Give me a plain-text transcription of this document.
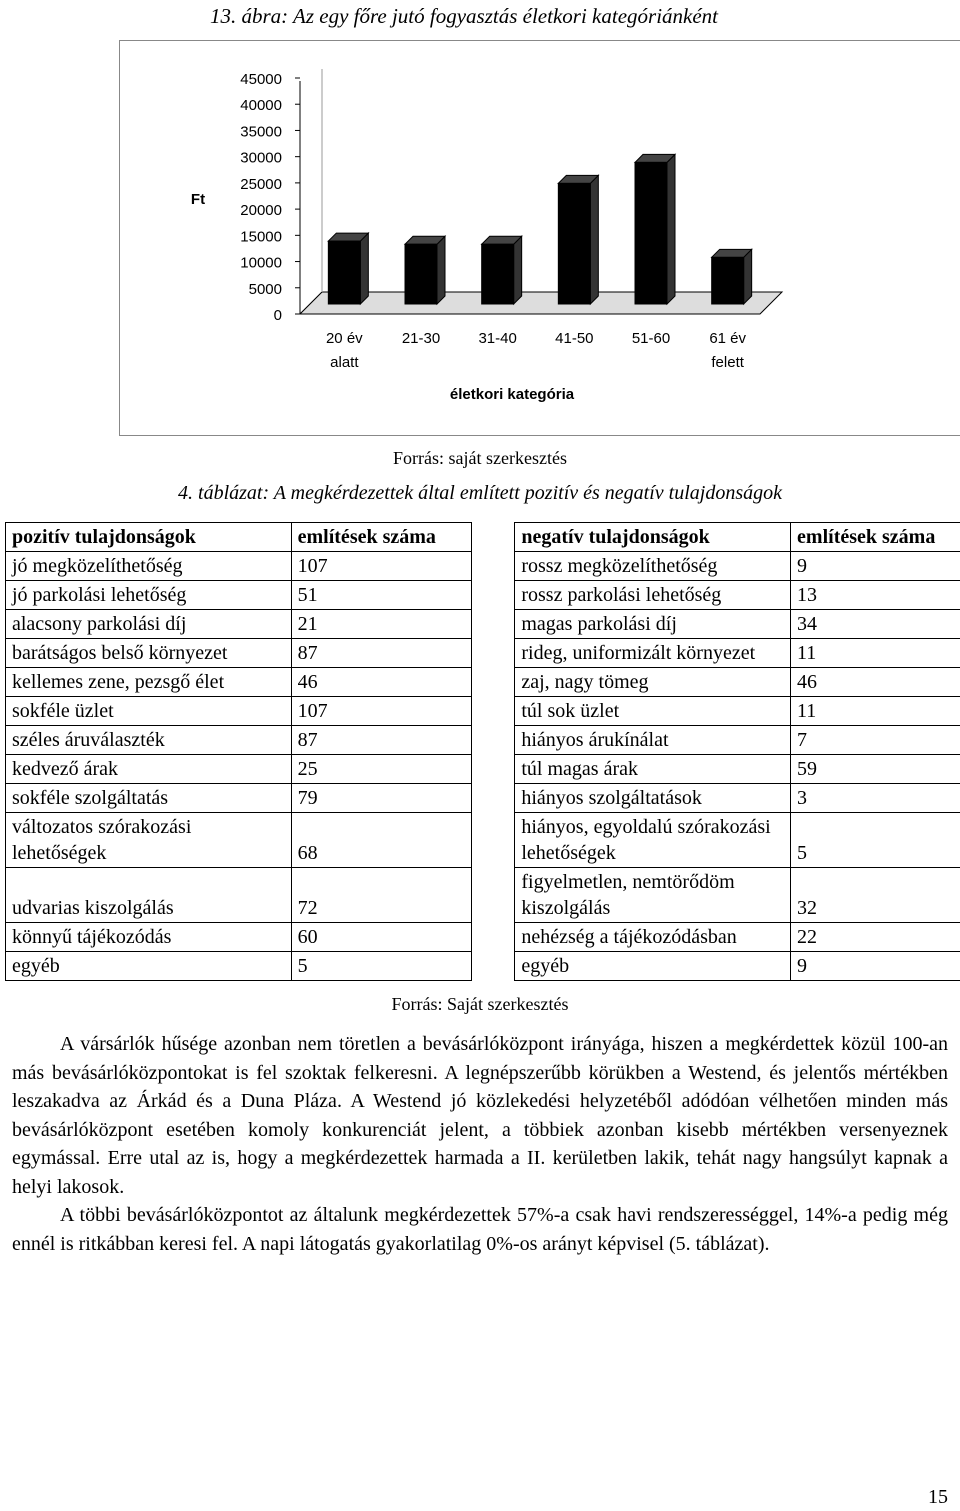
13. ábra: Az egy főre jutó fogyasztás életkori kategóriánként
45000
40000
35000
30000
25000
20000
15000
10000
5000
0
Ft
20 év
alatt
21-30	31-40	41-50	51-60	61 év
felett
életkori kategória
Forrás: saját szerkesztés
4. táblázat: A megkérdezettek által említett pozitív és negatív tulajdonságok
pozitív tulajdonságok	említések száma		negatív tulajdonságok	említések száma
jó megközelíthetőség	107		rossz megközelíthetőség	9
jó parkolási lehetőség	51		rossz parkolási lehetőség	13
alacsony parkolási díj	21		magas parkolási díj	34
barátságos belső környezet	87		rideg, uniformizált környezet	11
kellemes zene, pezsgő élet	46		zaj, nagy tömeg	46
sokféle üzlet	107		túl sok üzlet	11
széles áruválaszték	87		hiányos árukínálat	7
kedvező árak	25		túl magas árak	59
sokféle szolgáltatás	79		hiányos szolgáltatások	3
változatos szórakozási lehetőségek	68		hiányos, egyoldalú szórakozási lehetőségek	5
udvarias kiszolgálás	72		figyelmetlen, nemtörődöm kiszolgálás	32
könnyű tájékozódás	60		nehézség a tájékozódásban	22
egyéb	5		egyéb	9
Forrás: Saját szerkesztés

A vársárlók hűsége azonban nem töretlen a bevásárlóközpont irányága, hiszen a megkérdettek közül 100-an más bevásárlóközpontokat is fel szoktak felkeresni. A legnépszerűbb körükben a Westend, és jelentős mértékben leszakadva az Árkád és a Duna Pláza. A Westend jó közlekedési helyzetéből adódóan vélhetően minden más bevásárlóközpont esetében komoly konkurenciát jelent, a többiek azonban kisebb mértékben versenyeznek egymással. Erre utal az is, hogy a megkérdezettek harmada a II. kerületben lakik, tehát nagy hangsúlyt kapnak a helyi lakosok.

A többi bevásárlóközpontot az általunk megkérdezettek 57%-a csak havi rendszerességgel, 14%-a pedig még ennél is ritkábban keresi fel. A napi látogatás gyakorlatilag 0%-os arányt képvisel (5. táblázat).

15
